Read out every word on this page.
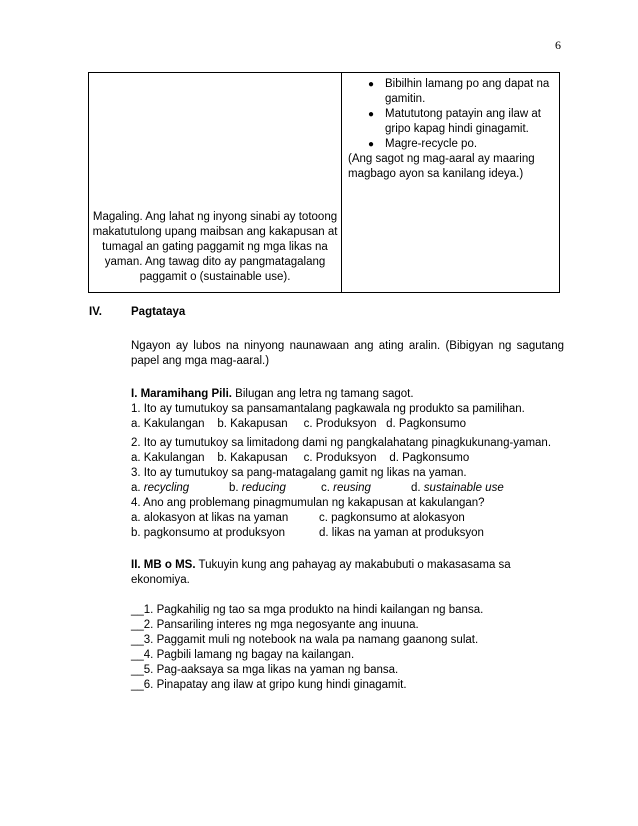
6
Magaling. Ang lahat ng inyong sinabi ay totoong makatutulong upang maibsan ang kakapusan at tumagal an gating paggamit ng mga likas na yaman. Ang tawag dito ay pangmatagalang paggamit o (sustainable use).

● Bibilhin lamang po ang dapat na gamitin.
● Matututong patayin ang ilaw at gripo kapag hindi ginagamit.
● Magre-recycle po.

(Ang sagot ng mag-aaral ay maaring magbago ayon sa kanilang ideya.)

IV.	Pagtataya
Ngayon ay lubos na ninyong naunawaan ang ating aralin. (Bibigyan ng sagutang papel ang mga mag-aaral.)
I. Maramihang Pili. Bilugan ang letra ng tamang sagot.

1. Ito ay tumutukoy sa pansamantalang pagkawala ng produkto sa pamilihan.

a. Kakulangan b. Kakapusan c. Produksyon d. Pagkonsumo

2. Ito ay tumutukoy sa limitadong dami ng pangkalahatang pinagkukunang-yaman.

a. Kakulangan b. Kakapusan c. Produksyon d. Pagkonsumo

3. Ito ay tumutukoy sa pang-matagalang gamit ng likas na yaman.

a. recycling	b. reducing	c. reusing	d. sustainable use

4. Ano ang problemang pinagmumulan ng kakapusan at kakulangan?

a. alokasyon at likas na yaman	c. pagkonsumo at alokasyon

b. pagkonsumo at produksyon	d. likas na yaman at produksyon

II. MB o MS. Tukuyin kung ang pahayag ay makabubuti o makasasama sa ekonomiya.

__1. Pagkahilig ng tao sa mga produkto na hindi kailangan ng bansa.

__2. Pansariling interes ng mga negosyante ang inuuna.

__3. Paggamit muli ng notebook na wala pa namang gaanong sulat.

__4. Pagbili lamang ng bagay na kailangan.

__5. Pag-aaksaya sa mga likas na yaman ng bansa.

__6. Pinapatay ang ilaw at gripo kung hindi ginagamit.
